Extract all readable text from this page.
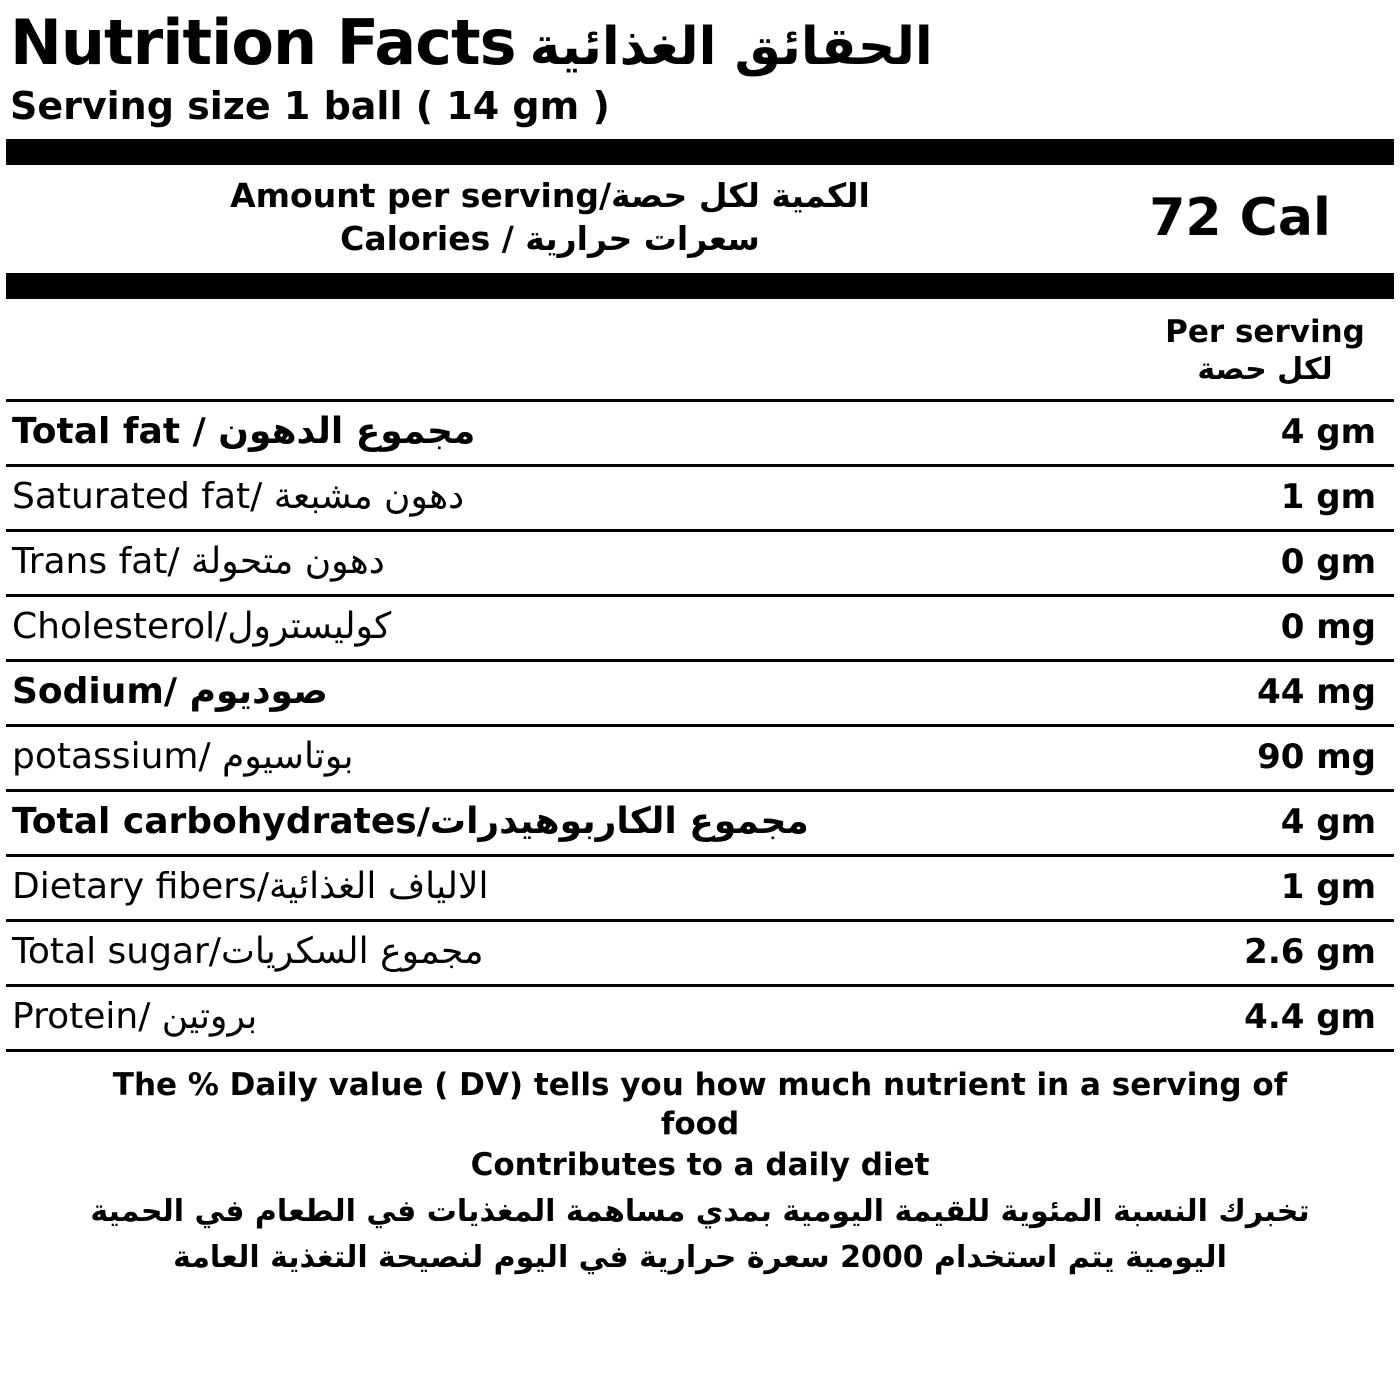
Nutrition Facts الحقائق الغذائية
Serving size 1 ball ( 14 gm )
Amount per serving/الكمية لكل حصة
Calories / سعرات حرارية	72 Cal
Per serving
لكل حصة
Total fat / مجموع الدهون	4 gm
Saturated fat/ دهون مشبعة	1 gm
Trans fat/ دهون متحولة	0 gm
Cholesterol/كوليسترول	0 mg
Sodium/ صوديوم	44 mg
potassium/ بوتاسيوم	90 mg
Total carbohydrates/مجموع الكاربوهيدرات	4 gm
Dietary fibers/الالياف الغذائية	1 gm
Total sugar/مجموع السكريات	2.6 gm
Protein/ بروتين	4.4 gm
The % Daily value ( DV) tells you how much nutrient in a serving of
food
Contributes to a daily diet
تخبرك النسبة المئوية للقيمة اليومية بمدي مساهمة المغذيات في الطعام في الحمية
اليومية يتم استخدام 2000 سعرة حرارية في اليوم لنصيحة التغذية العامة
